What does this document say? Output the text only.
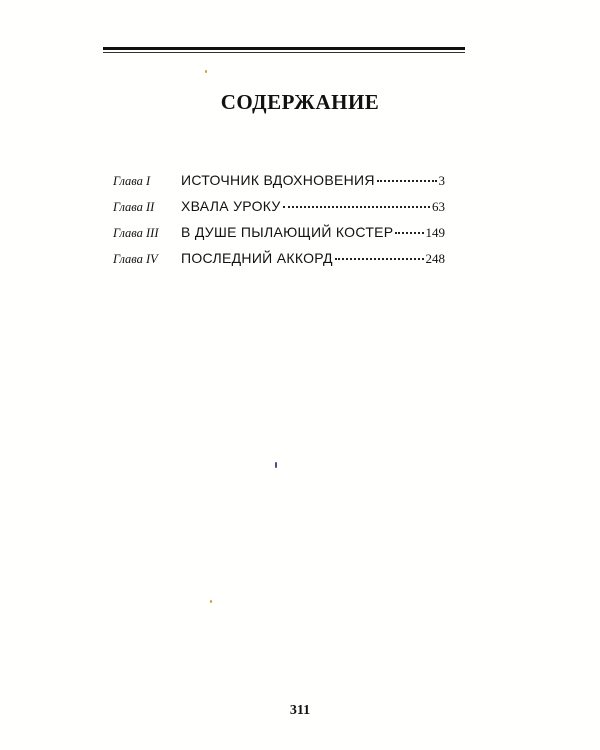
СОДЕРЖАНИЕ
Глава I	ИСТОЧНИК ВДОХНОВЕНИЯ	3
Глава II	ХВАЛА УРОКУ	63
Глава III	В ДУШЕ ПЫЛАЮЩИЙ КОСТЕР 149
Глава IV	ПОСЛЕДНИЙ АККОРД	248
311
